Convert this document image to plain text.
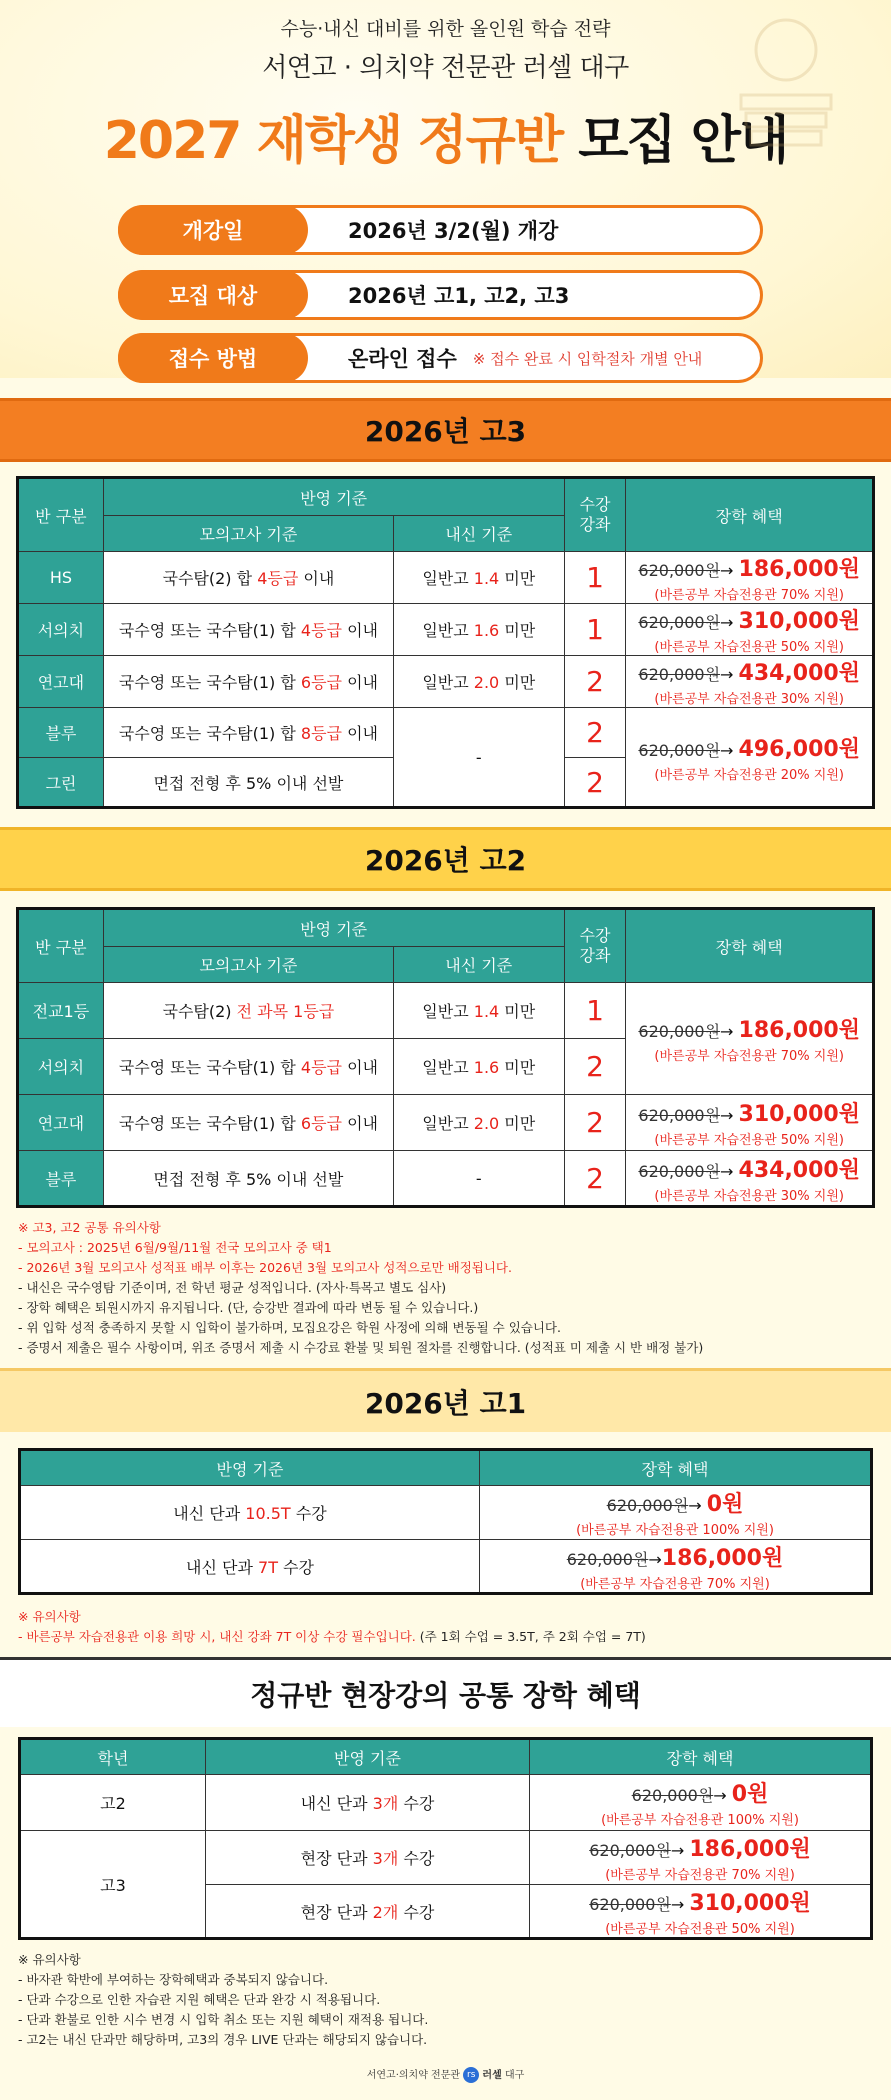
수능·내신 대비를 위한 올인원 학습 전략
서연고 · 의치약 전문관 러셀 대구
2027 재학생 정규반 모집 안내
개강일	2026년 3/2(월) 개강
모집 대상	2026년 고1, 고2, 고3
접수 방법	온라인 접수 ※ 접수 완료 시 입학절차 개별 안내
2026년 고3
반 구분	반영 기준		수강
강좌	장학 혜택
	모의고사 기준	내신 기준		
HS	국수탐(2) 합 4등급 이내	일반고 1.4 미만	1	620,000원→ 186,000원
(바른공부 자습전용관 70% 지원)

서의치	국수영 또는 국수탐(1) 합 4등급 이내	일반고 1.6 미만	1	620,000원→ 310,000원
(바른공부 자습전용관 50% 지원)

연고대	국수영 또는 국수탐(1) 합 6등급 이내	일반고 2.0 미만	2	620,000원→ 434,000원
(바른공부 자습전용관 30% 지원)

블루	국수영 또는 국수탐(1) 합 8등급 이내	-	2	620,000원→ 496,000원
(바른공부 자습전용관 20% 지원)

그린	면접 전형 후 5% 이내 선발		2	
2026년 고2
반 구분	반영 기준		수강
강좌	장학 혜택
	모의고사 기준	내신 기준		
전교1등	국수탐(2) 전 과목 1등급	일반고 1.4 미만	1	620,000원→ 186,000원
(바른공부 자습전용관 70% 지원)

서의치	국수영 또는 국수탐(1) 합 4등급 이내	일반고 1.6 미만	2	
연고대	국수영 또는 국수탐(1) 합 6등급 이내	일반고 2.0 미만	2	620,000원→ 310,000원
(바른공부 자습전용관 50% 지원)

블루	면접 전형 후 5% 이내 선발	-	2	620,000원→ 434,000원
(바른공부 자습전용관 30% 지원)
※ 고3, 고2 공통 유의사항
- 모의고사 : 2025년 6월/9월/11월 전국 모의고사 중 택1
- 2026년 3월 모의고사 성적표 배부 이후는 2026년 3월 모의고사 성적으로만 배정됩니다.
- 내신은 국수영탐 기준이며, 전 학년 평균 성적입니다. (자사·특목고 별도 심사)
- 장학 혜택은 퇴원시까지 유지됩니다. (단, 승강반 결과에 따라 변동 될 수 있습니다.)
- 위 입학 성적 충족하지 못할 시 입학이 불가하며, 모집요강은 학원 사정에 의해 변동될 수 있습니다.
- 증명서 제출은 필수 사항이며, 위조 증명서 제출 시 수강료 환불 및 퇴원 절차를 진행합니다. (성적표 미 제출 시 반 배정 불가)
2026년 고1
반영 기준	장학 혜택
내신 단과 10.5T 수강	620,000원→ 0원
(바른공부 자습전용관 100% 지원)

내신 단과 7T 수강	620,000원→186,000원
(바른공부 자습전용관 70% 지원)
※ 유의사항
- 바른공부 자습전용관 이용 희망 시, 내신 강좌 7T 이상 수강 필수입니다. (주 1회 수업 = 3.5T, 주 2회 수업 = 7T)
정규반 현장강의 공통 장학 혜택
학년	반영 기준	장학 혜택
고2	내신 단과 3개 수강	620,000원→ 0원
(바른공부 자습전용관 100% 지원)

고3	현장 단과 3개 수강	620,000원→ 186,000원
(바른공부 자습전용관 70% 지원)

	현장 단과 2개 수강	620,000원→ 310,000원
(바른공부 자습전용관 50% 지원)
※ 유의사항
- 바자관 학반에 부여하는 장학혜택과 중복되지 않습니다.
- 단과 수강으로 인한 자습관 지원 혜택은 단과 완강 시 적용됩니다.
- 단과 환불로 인한 시수 변경 시 입학 취소 또는 지원 혜택이 재적용 됩니다.
- 고2는 내신 단과만 해당하며, 고3의 경우 LIVE 단과는 해당되지 않습니다.
서연고·의치약 전문관 rs 러셀 대구
